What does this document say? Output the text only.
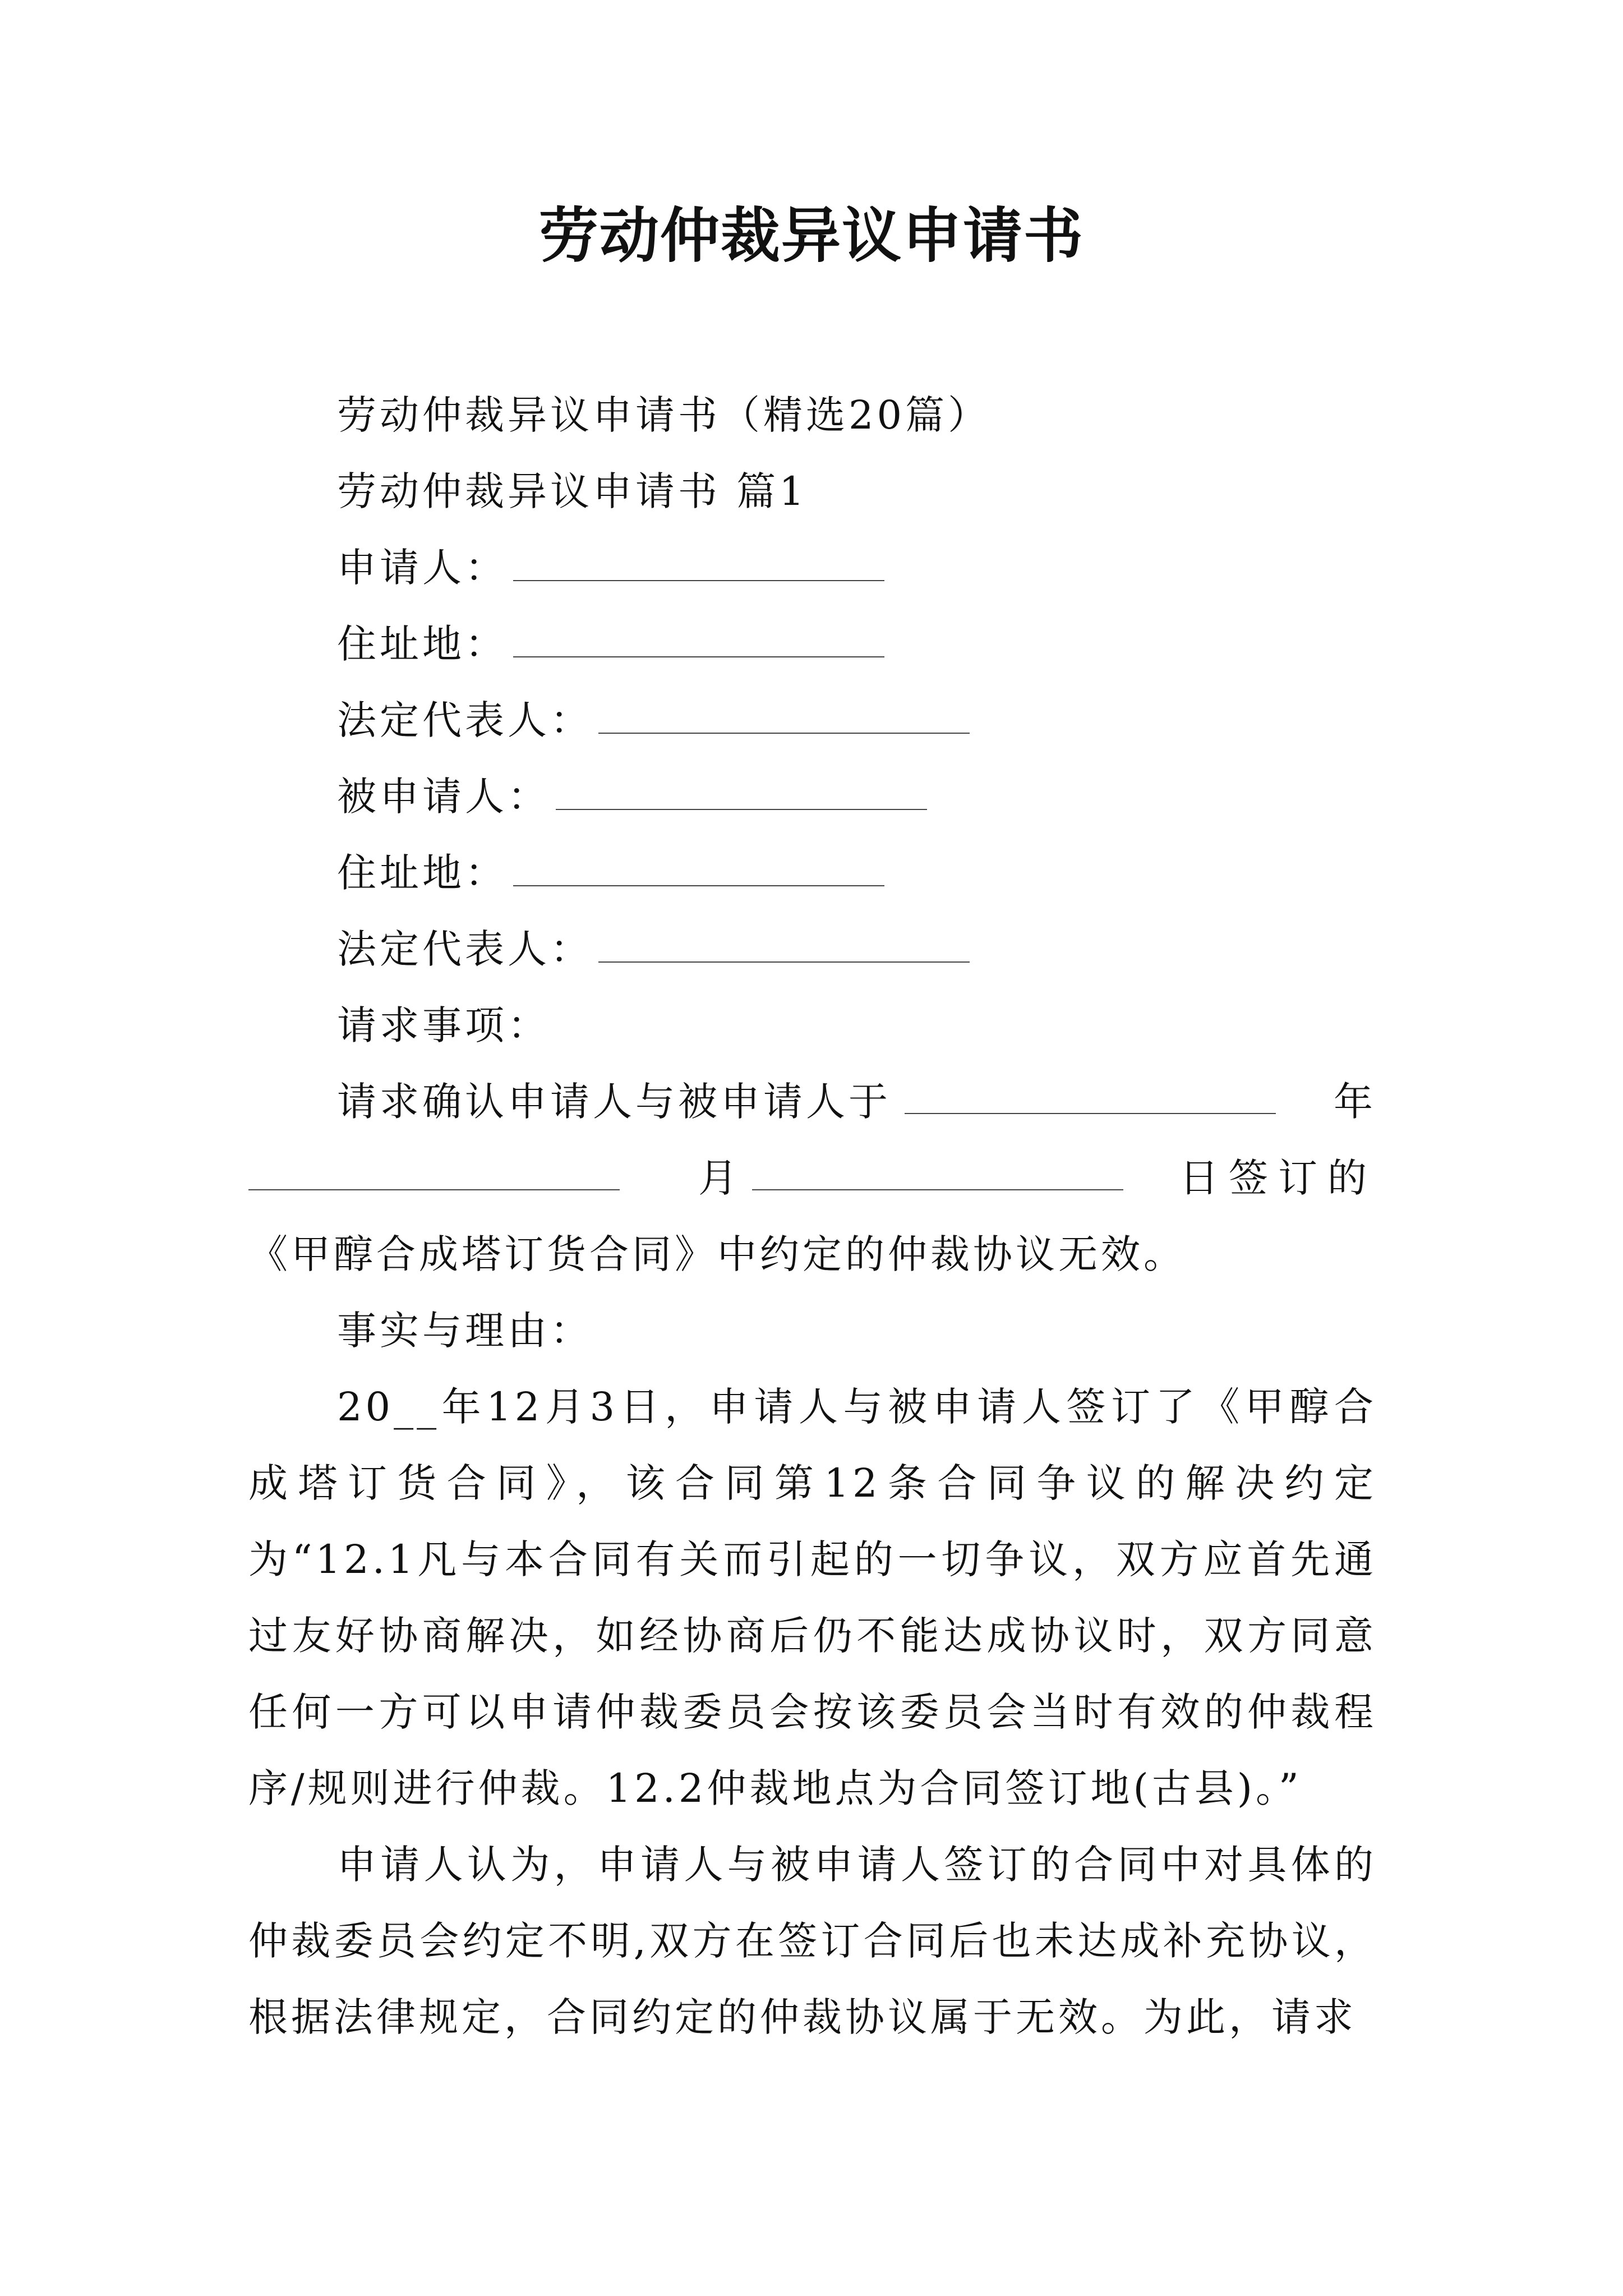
劳动仲裁异议申请书
劳动仲裁异议申请书（精选20篇）
劳动仲裁异议申请书 篇1
申请人：
住址地：
法定代表人：
被申请人：
住址地：
法定代表人：
请求事项：
请求确认申请人与被申请人于	年
月	日签订的
《甲醇合成塔订货合同》中约定的仲裁协议无效。
事实与理由：
20__年12月3日，申请人与被申请人签订了《甲醇合成塔订货合同》，该合同第12条合同争议的解决约定为“12.1凡与本合同有关而引起的一切争议，双方应首先通过友好协商解决，如经协商后仍不能达成协议时，双方同意任何一方可以申请仲裁委员会按该委员会当时有效的仲裁程序/规则进行仲裁。12.2仲裁地点为合同签订地(古县)。”
申请人认为，申请人与被申请人签订的合同中对具体的仲裁委员会约定不明,双方在签订合同后也未达成补充协议，根据法律规定，合同约定的仲裁协议属于无效。为此，请求
